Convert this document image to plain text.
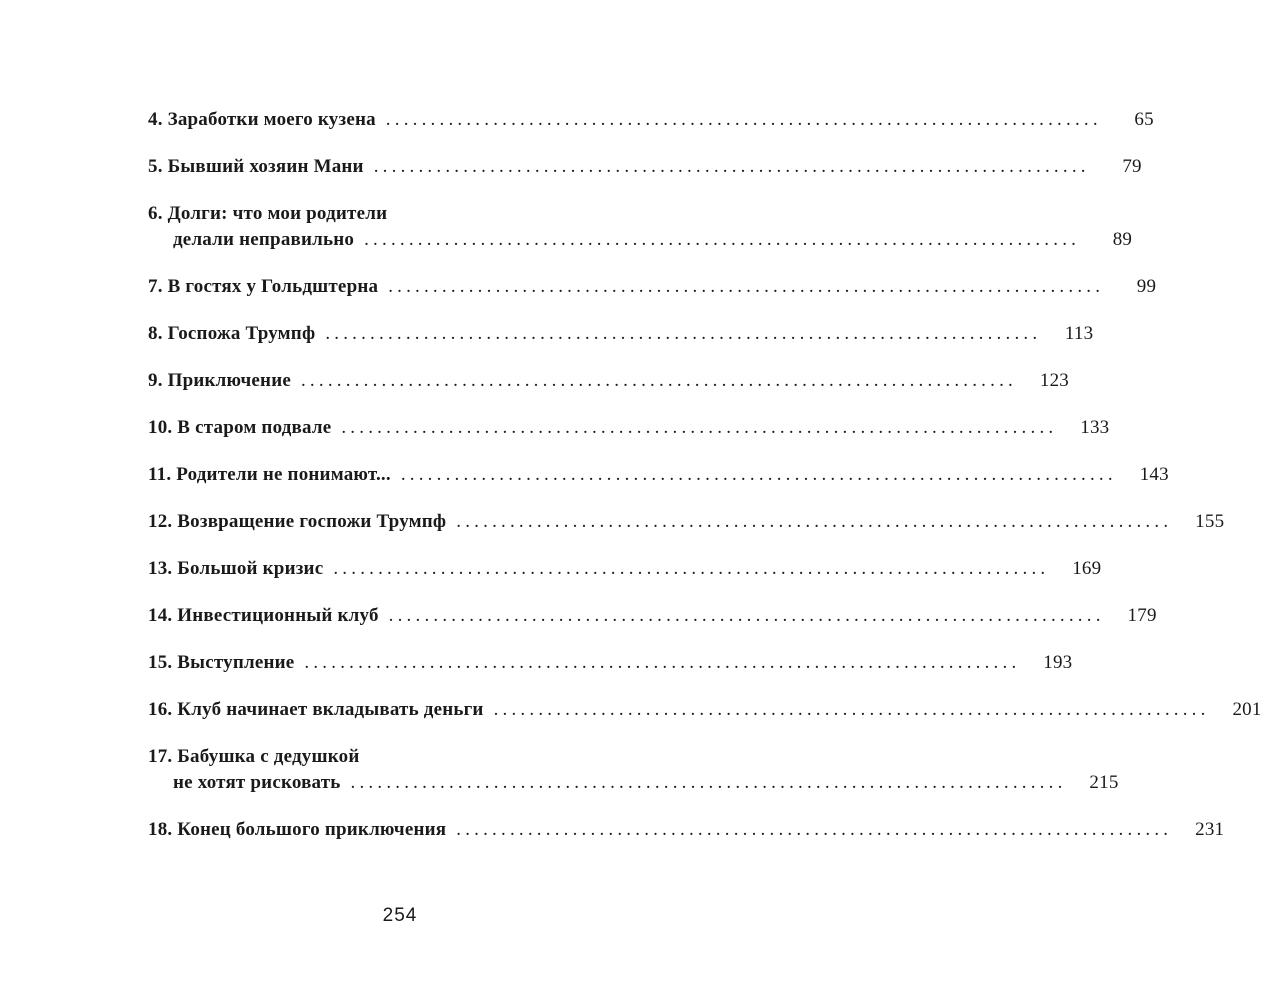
4. Заработки моего кузена ................................................................................	65
5. Бывший хозяин Мани ................................................................................	79
6. Долги: что мои родители
делали неправильно ................................................................................	89
7. В гостях у Гольдштерна ................................................................................	99
8. Госпожа Трумпф ................................................................................	113
9. Приключение ................................................................................	123
10. В старом подвале ................................................................................	133
11. Родители не понимают... ................................................................................	143
12. Возвращение госпожи Трумпф ................................................................................	155
13. Большой кризис ................................................................................	169
14. Инвестиционный клуб ................................................................................	179
15. Выступление ................................................................................	193
16. Клуб начинает вкладывать деньги ................................................................................	201
17. Бабушка с дедушкой
не хотят рисковать ................................................................................	215
18. Конец большого приключения ................................................................................	231
254
